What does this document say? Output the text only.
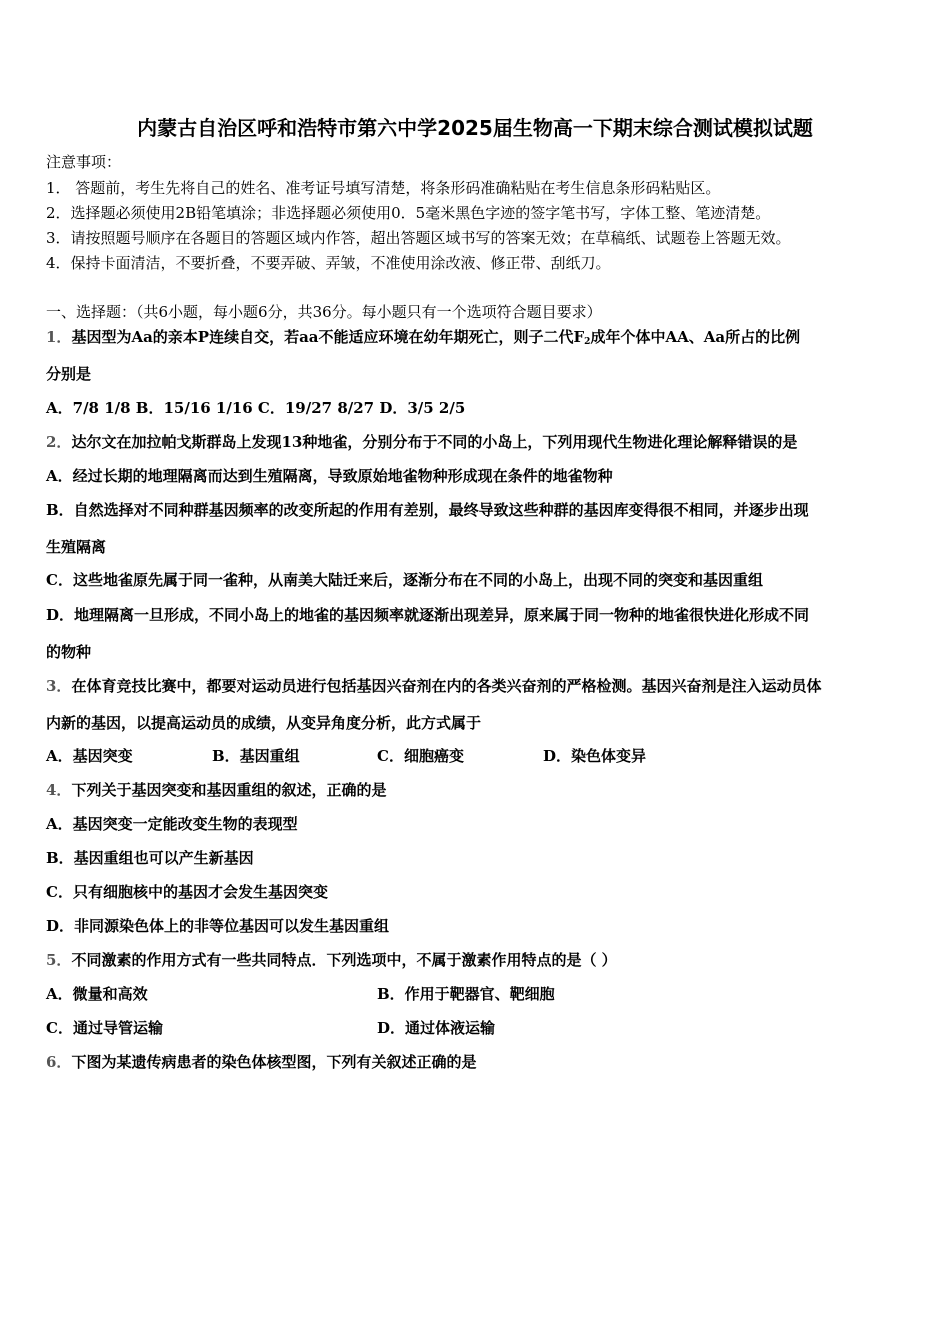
内蒙古自治区呼和浩特市第六中学2025届生物高一下期末综合测试模拟试题
注意事项：
1． 答题前，考生先将自己的姓名、准考证号填写清楚，将条形码准确粘贴在考生信息条形码粘贴区。
2．选择题必须使用2B铅笔填涂；非选择题必须使用0．5毫米黑色字迹的签字笔书写，字体工整、笔迹清楚。
3．请按照题号顺序在各题目的答题区域内作答，超出答题区域书写的答案无效；在草稿纸、试题卷上答题无效。
4．保持卡面清洁，不要折叠，不要弄破、弄皱，不准使用涂改液、修正带、刮纸刀。
一、选择题：（共6小题，每小题6分，共36分。每小题只有一个选项符合题目要求）
1．基因型为Aa的亲本P连续自交，若aa不能适应环境在幼年期死亡，则子二代$F_2$成年个体中AA、Aa所占的比例
分别是
A．7/8 1/8 B．15/16 1/16 C．19/27 8/27 D．3/5 2/5
2．达尔文在加拉帕戈斯群岛上发现13种地雀，分别分布于不同的小岛上，下列用现代生物进化理论解释错误的是
A．经过长期的地理隔离而达到生殖隔离，导致原始地雀物种形成现在条件的地雀物种
B．自然选择对不同种群基因频率的改变所起的作用有差别，最终导致这些种群的基因库变得很不相同，并逐步出现
生殖隔离
C．这些地雀原先属于同一雀种，从南美大陆迁来后，逐渐分布在不同的小岛上，出现不同的突变和基因重组
D．地理隔离一旦形成，不同小岛上的地雀的基因频率就逐渐出现差异，原来属于同一物种的地雀很快进化形成不同
的物种
3．在体育竞技比赛中，都要对运动员进行包括基因兴奋剂在内的各类兴奋剂的严格检测。基因兴奋剂是注入运动员体
内新的基因，以提高运动员的成绩，从变异角度分析，此方式属于
A．基因突变	B．基因重组	C．细胞癌变	D．染色体变异
4．下列关于基因突变和基因重组的叙述，正确的是
A．基因突变一定能改变生物的表现型
B．基因重组也可以产生新基因
C．只有细胞核中的基因才会发生基因突变
D．非同源染色体上的非等位基因可以发生基因重组
5．不同激素的作用方式有一些共同特点．下列选项中，不属于激素作用特点的是（ ）
A．微量和高效	B．作用于靶器官、靶细胞
C．通过导管运输	D．通过体液运输
6．下图为某遗传病患者的染色体核型图，下列有关叙述正确的是
